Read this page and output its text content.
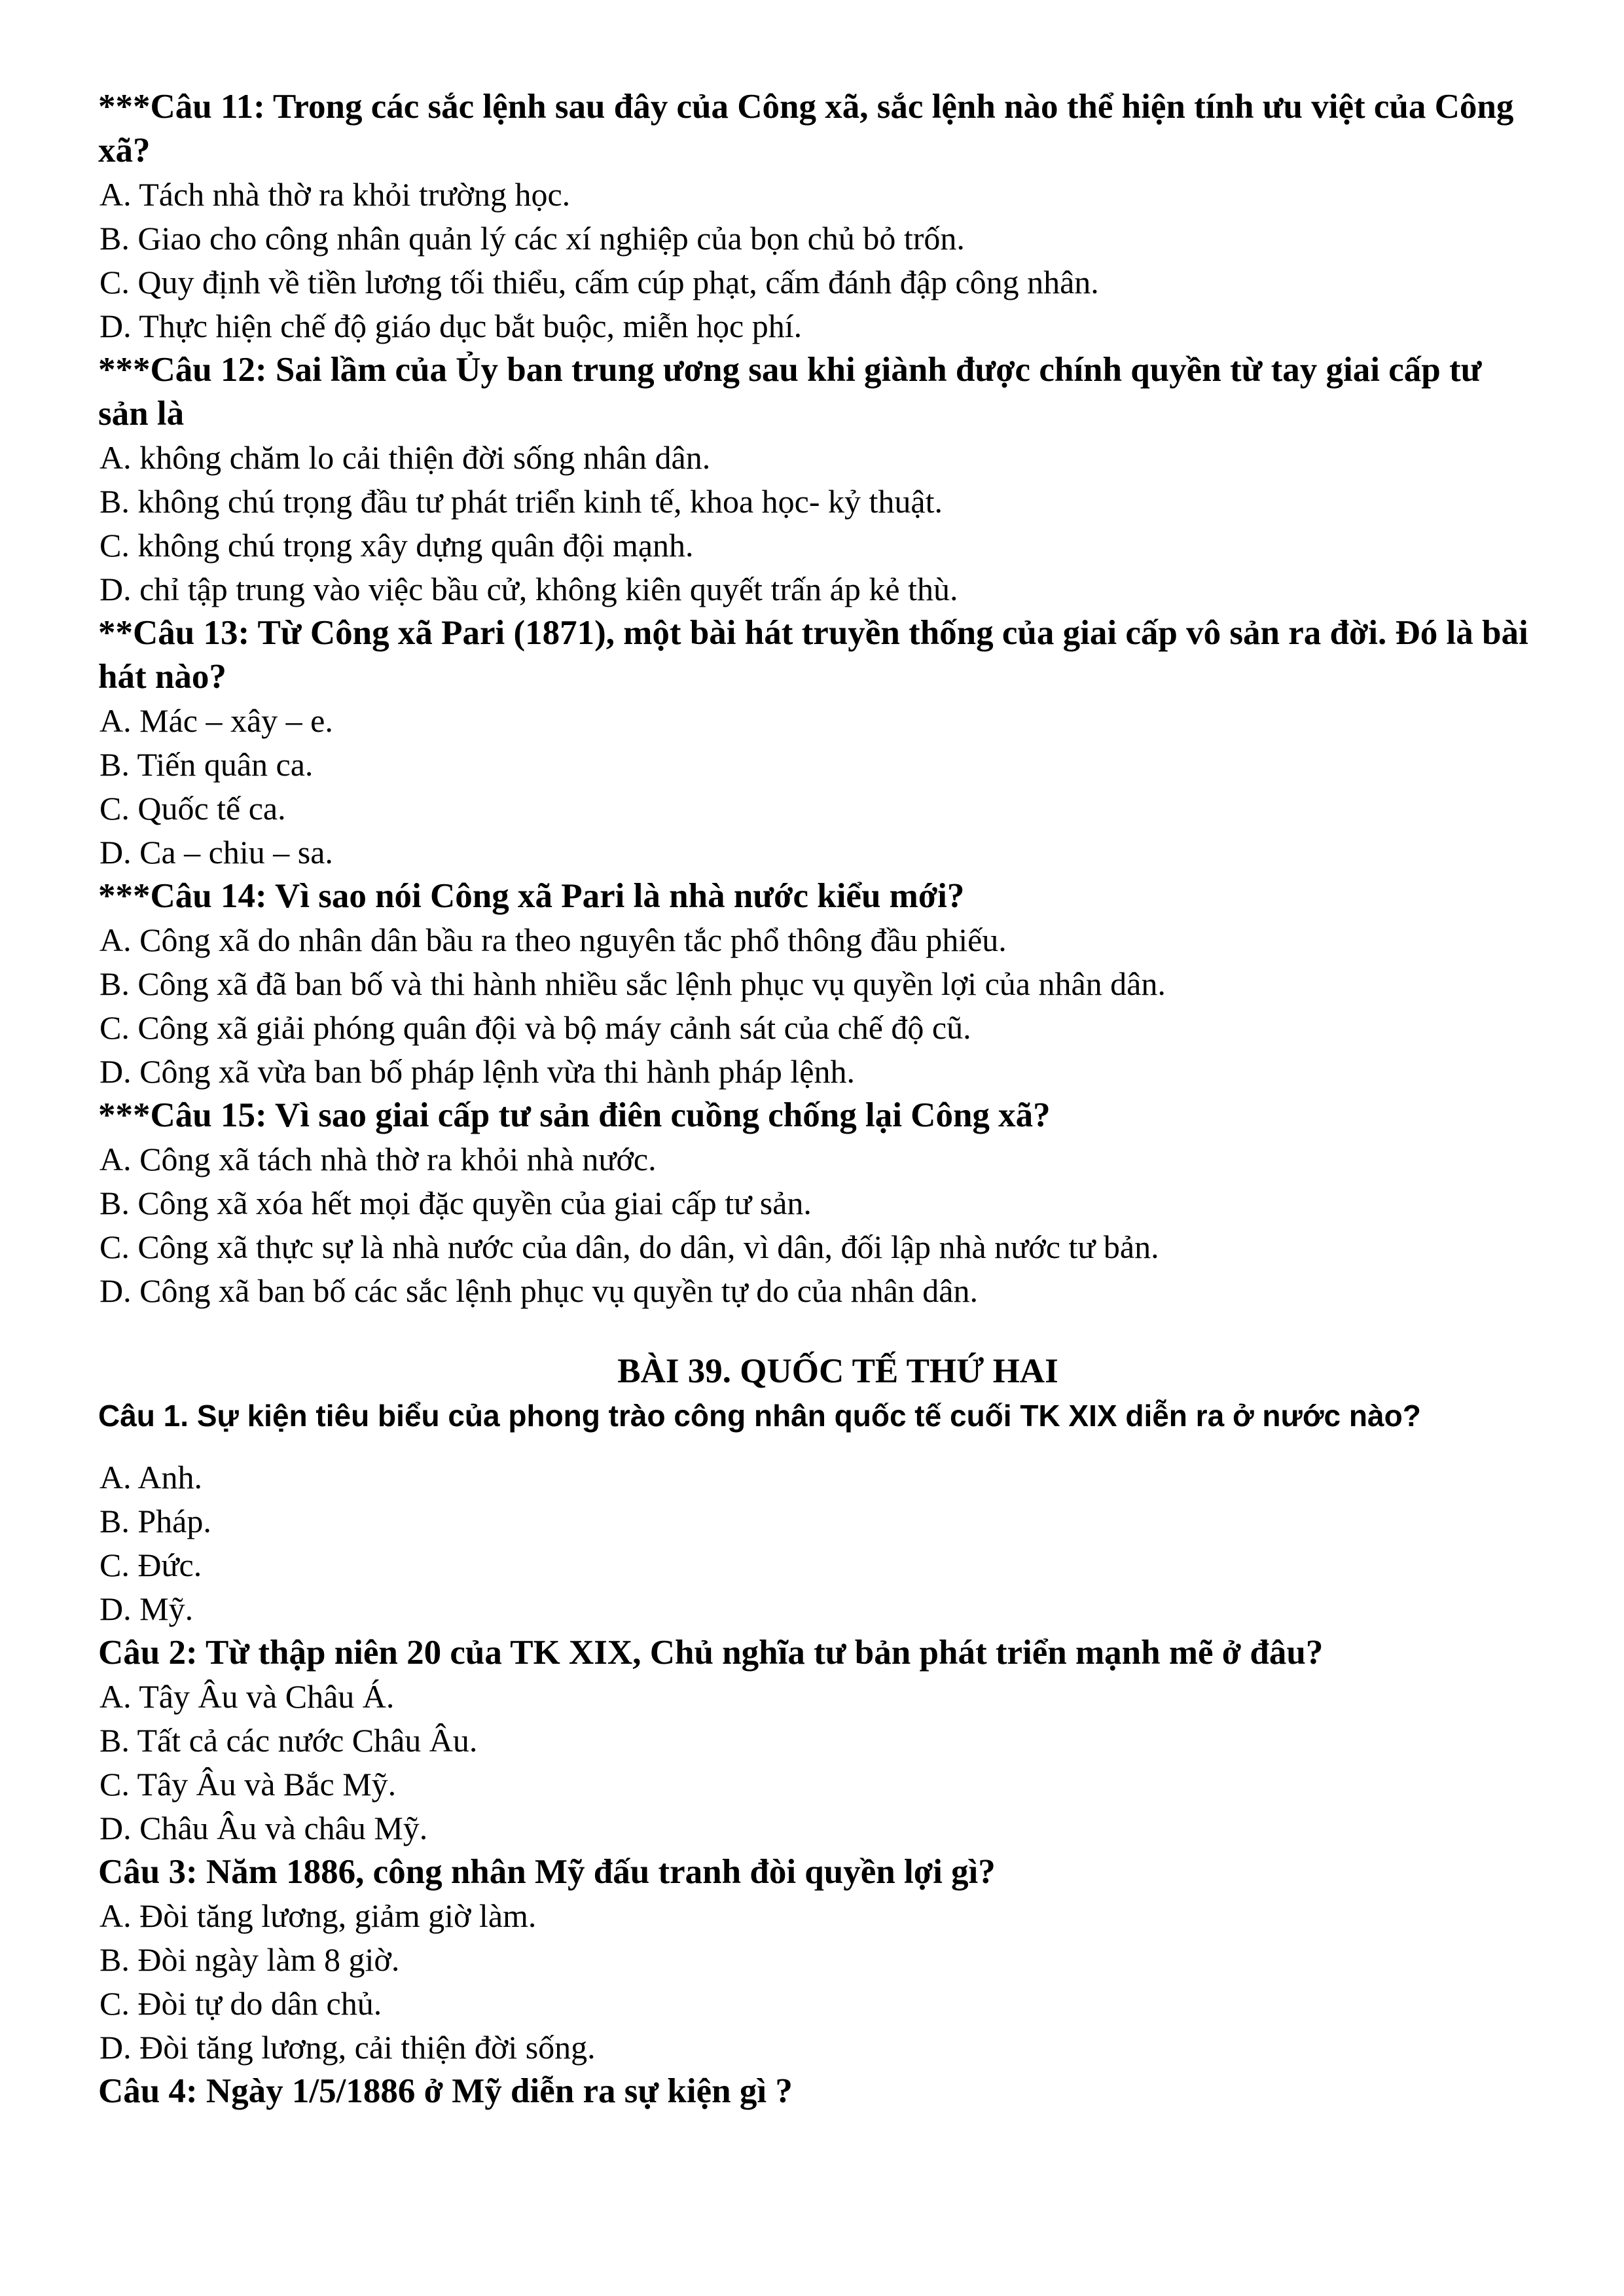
***Câu 11: Trong các sắc lệnh sau đây của Công xã, sắc lệnh nào thể hiện tính ưu việt của Công xã?

A. Tách nhà thờ ra khỏi trường học.

B. Giao cho công nhân quản lý các xí nghiệp của bọn chủ bỏ trốn.

C. Quy định về tiền lương tối thiểu, cấm cúp phạt, cấm đánh đập công nhân.

D. Thực hiện chế độ giáo dục bắt buộc, miễn học phí.

***Câu 12: Sai lầm của Ủy ban trung ương sau khi giành được chính quyền từ tay giai cấp tư sản là

A. không chăm lo cải thiện đời sống nhân dân.

B. không chú trọng đầu tư phát triển kinh tế, khoa học- kỷ thuật.

C. không chú trọng xây dựng quân đội mạnh.

D. chỉ tập trung vào việc bầu cử, không kiên quyết trấn áp kẻ thù.

**Câu 13: Từ Công xã Pari (1871), một bài hát truyền thống của giai cấp vô sản ra đời. Đó là bài hát nào?

A. Mác – xây – e.

B. Tiến quân ca.

C. Quốc tế ca.

D. Ca – chiu – sa.

***Câu 14: Vì sao nói Công xã Pari là nhà nước kiểu mới?

A. Công xã do nhân dân bầu ra theo nguyên tắc phổ thông đầu phiếu.

B. Công xã đã ban bố và thi hành nhiều sắc lệnh phục vụ quyền lợi của nhân dân.

C. Công xã giải phóng quân đội và bộ máy cảnh sát của chế độ cũ.

D. Công xã vừa ban bố pháp lệnh vừa thi hành pháp lệnh.

***Câu 15: Vì sao giai cấp tư sản điên cuồng chống lại Công xã?

A. Công xã tách nhà thờ ra khỏi nhà nước.

B. Công xã xóa hết mọi đặc quyền của giai cấp tư sản.

C. Công xã thực sự là nhà nước của dân, do dân, vì dân, đối lập nhà nước tư bản.

D. Công xã ban bố các sắc lệnh phục vụ quyền tự do của nhân dân.

BÀI 39. QUỐC TẾ THỨ HAI

Câu 1. Sự kiện tiêu biểu của phong trào công nhân quốc tế cuối TK XIX diễn ra ở nước nào?

A. Anh.

B. Pháp.

C. Đức.

D. Mỹ.

Câu 2: Từ thập niên 20 của TK XIX, Chủ nghĩa tư bản phát triển mạnh mẽ ở đâu?

A. Tây Âu và Châu Á.

B. Tất cả các nước Châu Âu.

C. Tây Âu và Bắc Mỹ.

D. Châu Âu và châu Mỹ.

Câu 3: Năm 1886, công nhân Mỹ đấu tranh đòi quyền lợi gì?

A. Đòi tăng lương, giảm giờ làm.

B. Đòi ngày làm 8 giờ.

C. Đòi tự do dân chủ.

D. Đòi tăng lương, cải thiện đời sống.

Câu 4: Ngày 1/5/1886 ở Mỹ diễn ra sự kiện gì ?
